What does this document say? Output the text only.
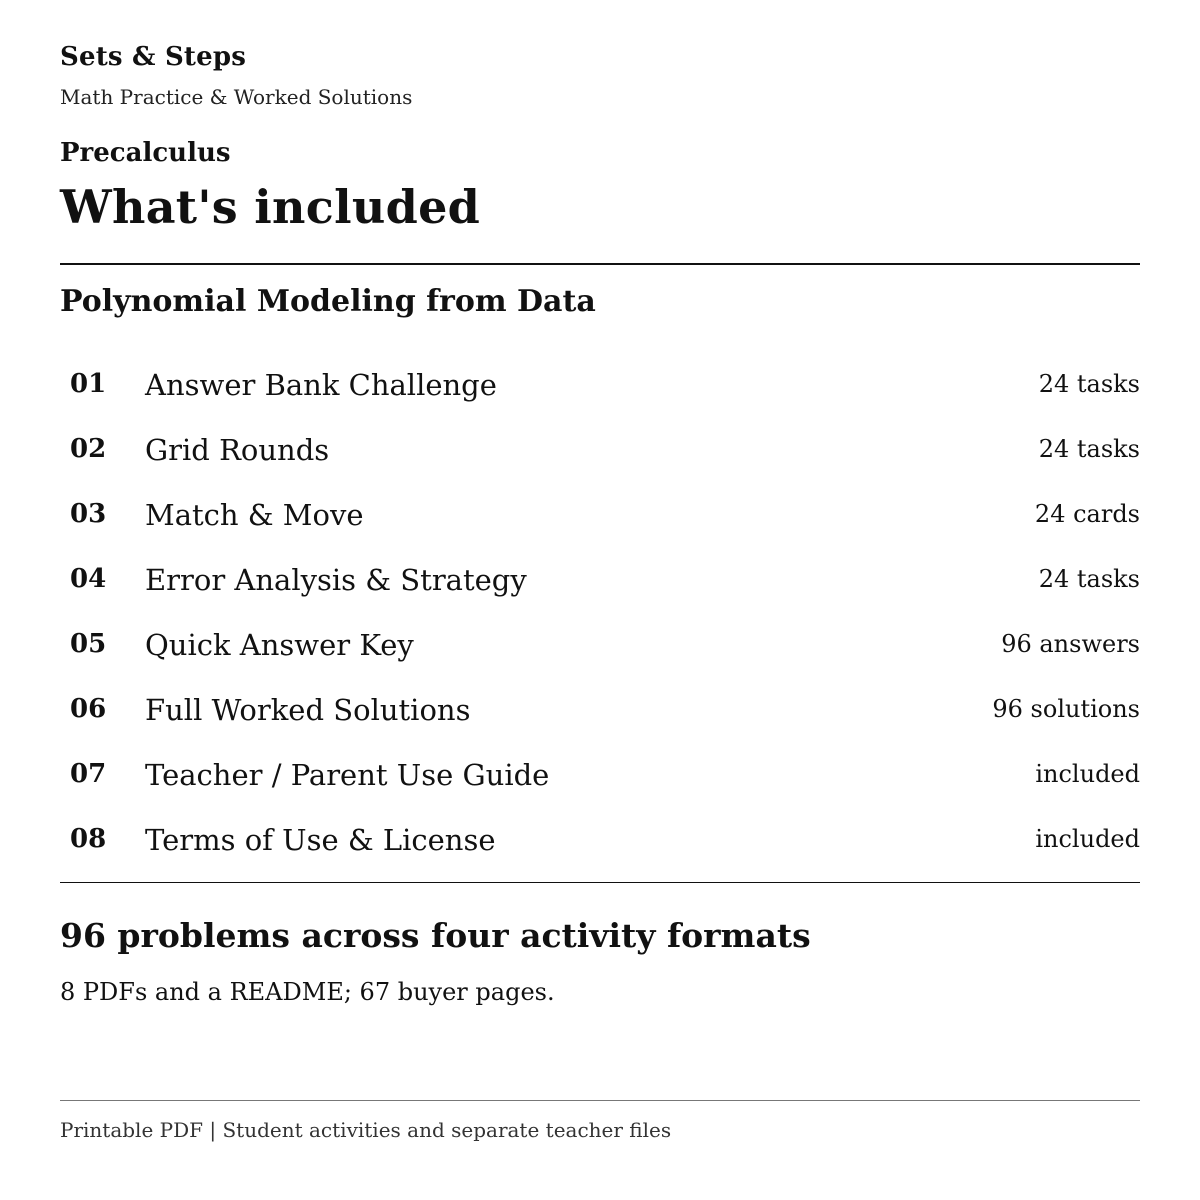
Sets & Steps
Math Practice & Worked Solutions
Precalculus
What's included
Polynomial Modeling from Data
01 Answer Bank Challenge	24 tasks
02 Grid Rounds	24 tasks
03 Match & Move	24 cards
04 Error Analysis & Strategy	24 tasks
05 Quick Answer Key	96 answers
06 Full Worked Solutions	96 solutions
07 Teacher / Parent Use Guide	included
08 Terms of Use & License	included
96 problems across four activity formats

8 PDFs and a README; 67 buyer pages.

Printable PDF | Student activities and separate teacher files
